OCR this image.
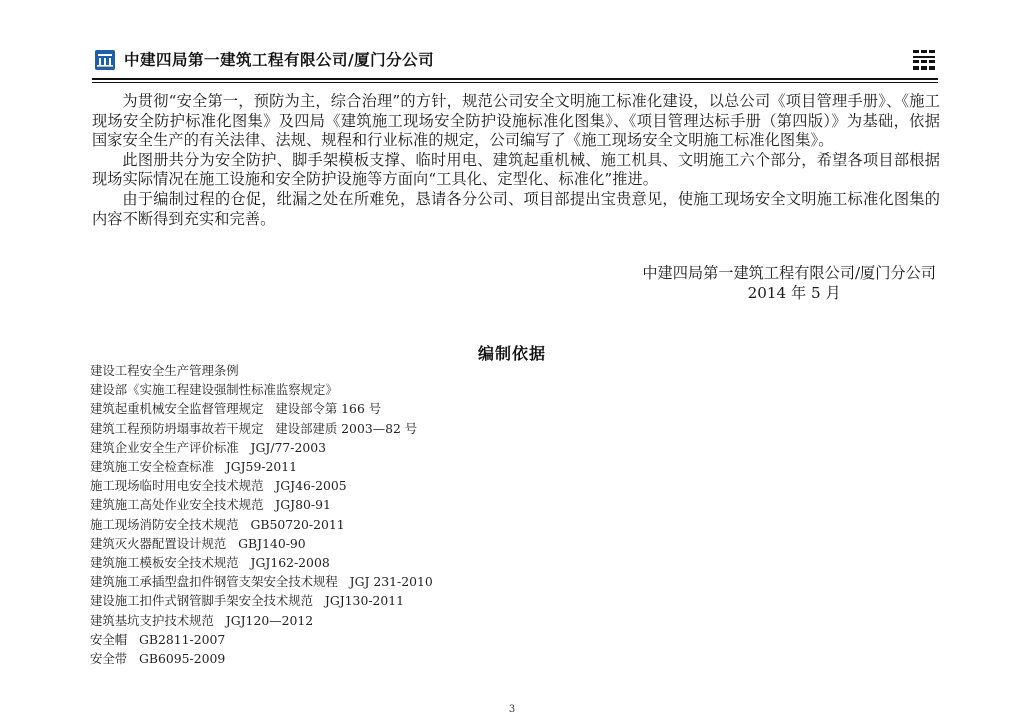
中建四局第一建筑工程有限公司/厦门分公司

为贯彻“安全第一，预防为主，综合治理”的方针，规范公司安全文明施工标准化建设，以总公司《项目管理手册》、《施工现场安全防护标准化图集》及四局《建筑施工现场安全防护设施标准化图集》、《项目管理达标手册（第四版）》为基础，依据国家安全生产的有关法律、法规、规程和行业标准的规定，公司编写了《施工现场安全文明施工标准化图集》。

此图册共分为安全防护、脚手架模板支撑、临时用电、建筑起重机械、施工机具、文明施工六个部分，希望各项目部根据现场实际情况在施工设施和安全防护设施等方面向“工具化、定型化、标准化”推进。

由于编制过程的仓促，纰漏之处在所难免，恳请各分公司、项目部提出宝贵意见，使施工现场安全文明施工标准化图集的内容不断得到充实和完善。

中建四局第一建筑工程有限公司/厦门分公司
2014 年 5 月
编制依据
建设工程安全生产管理条例
建设部《实施工程建设强制性标准监察规定》
建筑起重机械安全监督管理规定   建设部令第 166 号
建筑工程预防坍塌事故若干规定   建设部建质 2003—82 号
建筑企业安全生产评价标准   JGJ/77-2003
建筑施工安全检查标准   JGJ59-2011
施工现场临时用电安全技术规范   JGJ46-2005
建筑施工高处作业安全技术规范   JGJ80-91
施工现场消防安全技术规范   GB50720-2011
建筑灭火器配置设计规范   GBJ140-90
建筑施工模板安全技术规范   JGJ162-2008
建筑施工承插型盘扣件钢管支架安全技术规程   JGJ 231-2010
建设施工扣件式钢管脚手架安全技术规范   JGJ130-2011
建筑基坑支护技术规范   JGJ120—2012
安全帽   GB2811-2007
安全带   GB6095-2009
3
